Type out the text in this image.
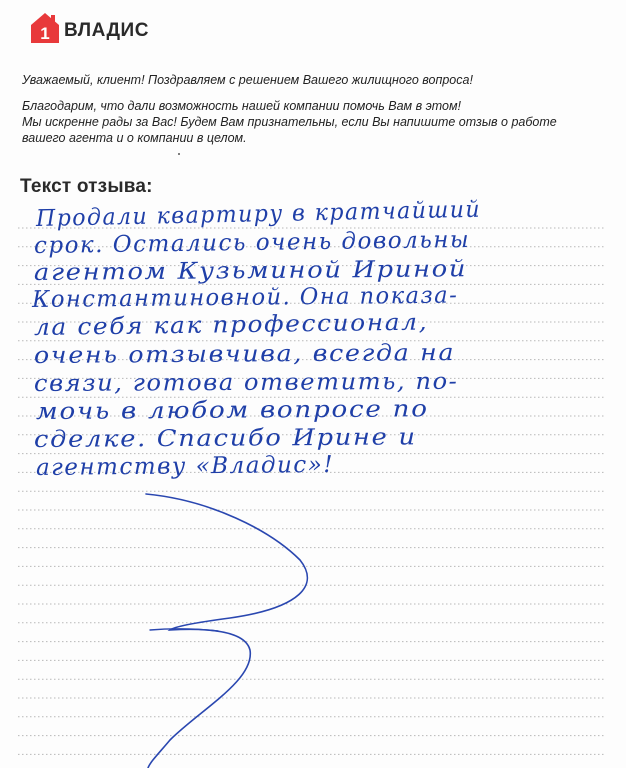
1 ВЛАДИС
Уважаемый, клиент! Поздравляем с решением Вашего жилищного вопроса!
Благодарим, что дали возможность нашей компании помочь Вам в этом!
Мы искренне рады за Вас! Будем Вам признательны, если Вы напишите отзыв о работе
вашего агента и о компании в целом.
Текст отзыва:
Продали квартиру в кратчайший
срок. Остались очень довольны
агентом Кузьминой Ириной
Константиновной. Она показа-
ла себя как профессионал,
очень отзывчива, всегда на
связи, готова ответить, по-
мочь в любом вопросе по
сделке. Спасибо Ирине и
агентству «Владис»!
